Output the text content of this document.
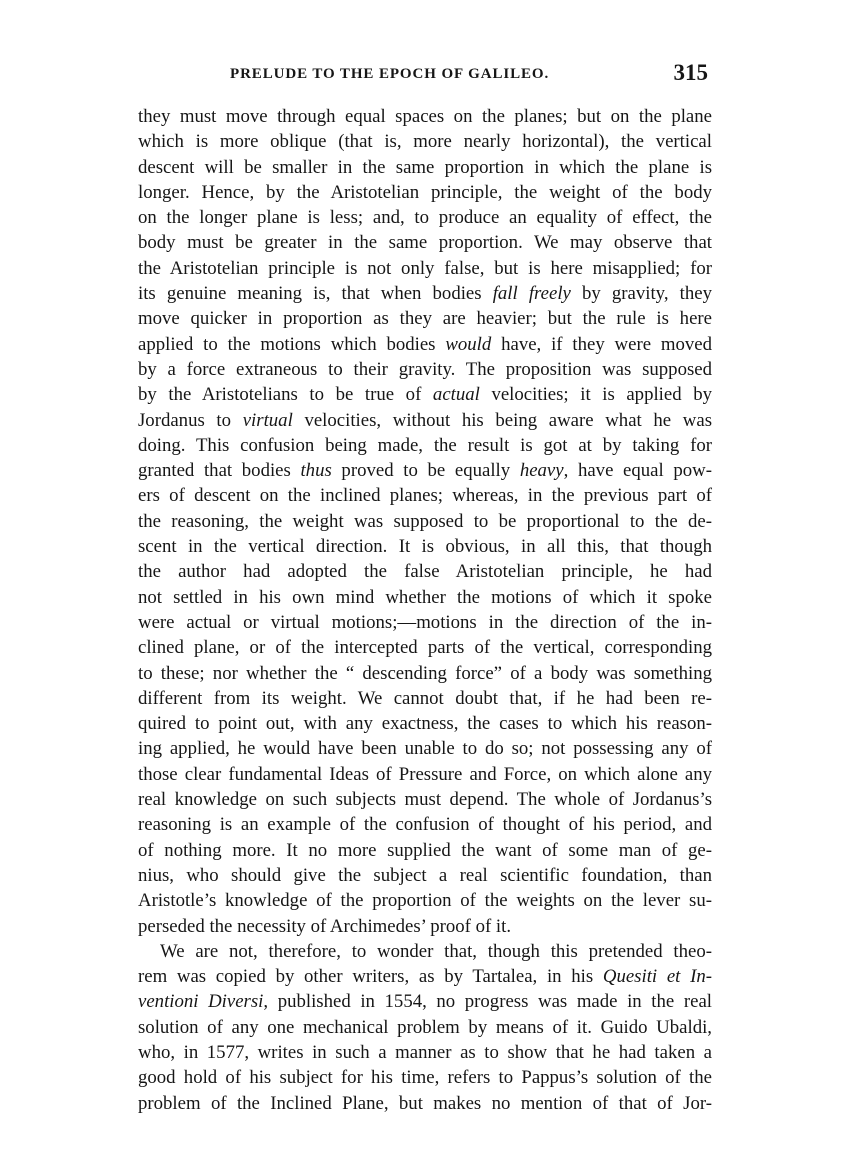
PRELUDE TO THE EPOCH OF GALILEO.	315
they must move through equal spaces on the planes; but on the plane
which is more oblique (that is, more nearly horizontal), the vertical
descent will be smaller in the same proportion in which the plane is
longer. Hence, by the Aristotelian principle, the weight of the body
on the longer plane is less; and, to produce an equality of effect, the
body must be greater in the same proportion. We may observe that
the Aristotelian principle is not only false, but is here misapplied; for
its genuine meaning is, that when bodies fall freely by gravity, they
move quicker in proportion as they are heavier; but the rule is here
applied to the motions which bodies would have, if they were moved
by a force extraneous to their gravity. The proposition was supposed
by the Aristotelians to be true of actual velocities; it is applied by
Jordanus to virtual velocities, without his being aware what he was
doing. This confusion being made, the result is got at by taking for
granted that bodies thus proved to be equally heavy, have equal pow-
ers of descent on the inclined planes; whereas, in the previous part of
the reasoning, the weight was supposed to be proportional to the de-
scent in the vertical direction. It is obvious, in all this, that though
the author had adopted the false Aristotelian principle, he had
not settled in his own mind whether the motions of which it spoke
were actual or virtual motions;—motions in the direction of the in-
clined plane, or of the intercepted parts of the vertical, corresponding
to these; nor whether the “ descending force” of a body was something
different from its weight. We cannot doubt that, if he had been re-
quired to point out, with any exactness, the cases to which his reason-
ing applied, he would have been unable to do so; not possessing any of
those clear fundamental Ideas of Pressure and Force, on which alone any
real knowledge on such subjects must depend. The whole of Jordanus’s
reasoning is an example of the confusion of thought of his period, and
of nothing more. It no more supplied the want of some man of ge-
nius, who should give the subject a real scientific foundation, than
Aristotle’s knowledge of the proportion of the weights on the lever su-
perseded the necessity of Archimedes’ proof of it.
We are not, therefore, to wonder that, though this pretended theo-
rem was copied by other writers, as by Tartalea, in his Quesiti et In-
ventioni Diversi, published in 1554, no progress was made in the real
solution of any one mechanical problem by means of it. Guido Ubaldi,
who, in 1577, writes in such a manner as to show that he had taken a
good hold of his subject for his time, refers to Pappus’s solution of the
problem of the Inclined Plane, but makes no mention of that of Jor-
